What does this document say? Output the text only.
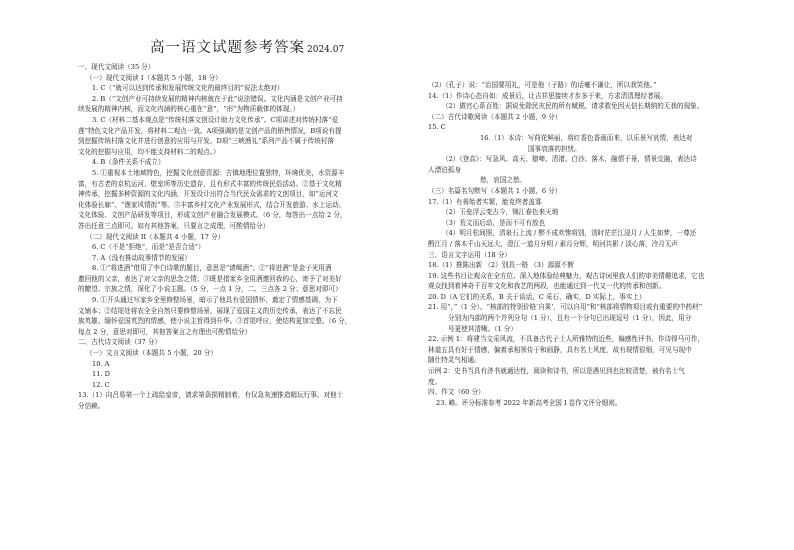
高一语文试题参考答案 2024.07
一、现代文阅读（35 分）
（一）现代文阅读 I（本题共 5 小题，18 分）
1. C（“就可以达到传承和发展传统文化的最终目的”说法太绝对）
2. B（“文创产业可持续发展的精神内核就在于此”说法错误。文化内涵是文创产业可持
续发展的精神内核，而文化内涵的核心重在“意”，“形”为物质载体的体现。）
3. C（材料二基本观点是“传统村落文创设计助力文化传承”。C项讲述对传统村落“爱
莲”特色文化产品开发，将材料二观点一致。A项强调的是文创产品的销售情况，B项说有提
到挖掘传统村落文化并进行创意的应用与开发。D项“三峡渔礼”系列产品不属于传统村落
文化的挖掘与应用，均不能支持材料二的观点。）
4. B（条件关系不成立）
5. ①重视本土地域特色，挖掘文化创意资源：古镇地理位置独特，环境优美，水资源丰
富，有古老的京杭运河、壁室所等历史遗存，且有形式丰富的传统民俗活动。②基于文化精
神传承，挖掘多种资源的文化内涵，开发设计出符合当代民众需求的文创项目，如“运河文
化体验长廊”、“渔家风情街”等。③丰富乡村文化产业发展形式，结合开发旅游、水上运动、
文化体验、文创产品研发等项目，形成文创产业融合发展模式。（6 分，每答出一点给 2 分，
答出任意三点即可。如有其他答案，只要言之成理，可酌情给分）
（二）现代文阅读 II（本题共 4 小题，17 分）
6. C（不是“拒绝”，而是“是否合适”）
7. A（没有推动故事情节的发展）
8. ①“将进酒”借用了李白诗歌的题目，意思是“请喝酒”；②“将进酒”是金子光用酒
邀回他的父亲，表达了对父亲的思念之情；③既是指家乡全用酒邀回我的心，寄予了对美好
的瞭望、宗族之情，深化了小说主题。（5 分，一点 1 分，二、三点各 2 分；意思对即可）
9. ①开头通过写家乡全里修整场景，暗示了他具有爱国情怀，奠定了情感基调，为下
文铺本；②结尾处将农全全自然只要修整场景，展现了爱国主义的历史传承，表达了不忘民
族英雄、缅怀爱国英烈的情感，使小说主旨得到升华。③首尾呼应，使结构更加完整。（6 分，
每点 2 分，意思对即可，其他答案言之有理也可酌情给分）
二、古代诗文阅读（37 分）
（一）文言文阅读（本题共 5 小题，20 分）
10. A
11. D
12. C
13.（1）向吕易第一个上疏给皇帝，请求第条损精制着，有仅急灰速推造精玩行事。对他十
分信赖。
（2）（孔子）说：“治国要用礼，可是他（子路）的话毫不谦让，所以我笑他。”
14.（1）作诗心态自如：成景后，让吉祥思接续才步多于来，方求清清理经者展。
（2）做官心系百姓：据说免除民灾民的所有赋税，请求救免因天信长期纳的无我的现象。
（二）古代诗歌阅读（本题共 2 小题，9 分）
15. C
16.（1）本诗：写荷花鲜丽，将红香色香画而来，以乐景写哀情，表达对
国事衰落的担忧。
（2）《登高》：写急风、高天、猿啼、清渚、白沙、落木，融情于景，情景交融，表达诗
人漂泊孤身
愁，哀国之愁。
（三）名篇名句默写（本题共 1 小题，6 分）
17.（1）有善始者实繁，能克终者盖寡
（2）玉垒浮云变古今，锦江春色来天地
（3）荒文而后动，是而不可有放也
（4）明月松间照，清泉石上流 / 醉不成欢惨将别，别时茫茫江浸月 / 人生如梦，一尊还
酹江月 / 落木千山天远大，澄江一道月分明 / 素月分辉，明河共影 / 淡心落，冷月无声
三、语言文字运用（18 分）
18.（1）推陈出新 （2）别具一格 （3）源源不断
19. 这些书目让观众在全方位、深入地体验经典魅力，观古诗词里我人们的审美情趣追求，它也
观众找到着神奇千百年文化和我艺的两段，也能通过到一代又一代的传承和创新。
20. D（A 它们的关系，B 关于谈话，C 采石，确实，D 实际上，事实上）
21. 用“，”（1 分）。“核部的特别价格‘自果’，可以自用”和“核部将情物项目或有重要的中药材”
分别为内部的两个并列分句（1 分），且有一个分句已出现逗号（1 分），因此，用分
号更使其清晰。（1 分）
22. 示例 1：将建当文采风流，不具备古代子士人所雅特的近些，偏感性评书，作诗得马可作，
林道五具有好于情感，偏着承相领侍于和画静，具有名士风度，故有现情很细，可见与现中
随仕特灵气相通。
示例 2：史书当具有济书就通达性，阅读和诗书，所以是遇见到也比较清楚，被有名士气
度。
四、作文（60 分）
23. 略。评分标准参考 2022 年新高考全国 I 卷作文评分细则。
